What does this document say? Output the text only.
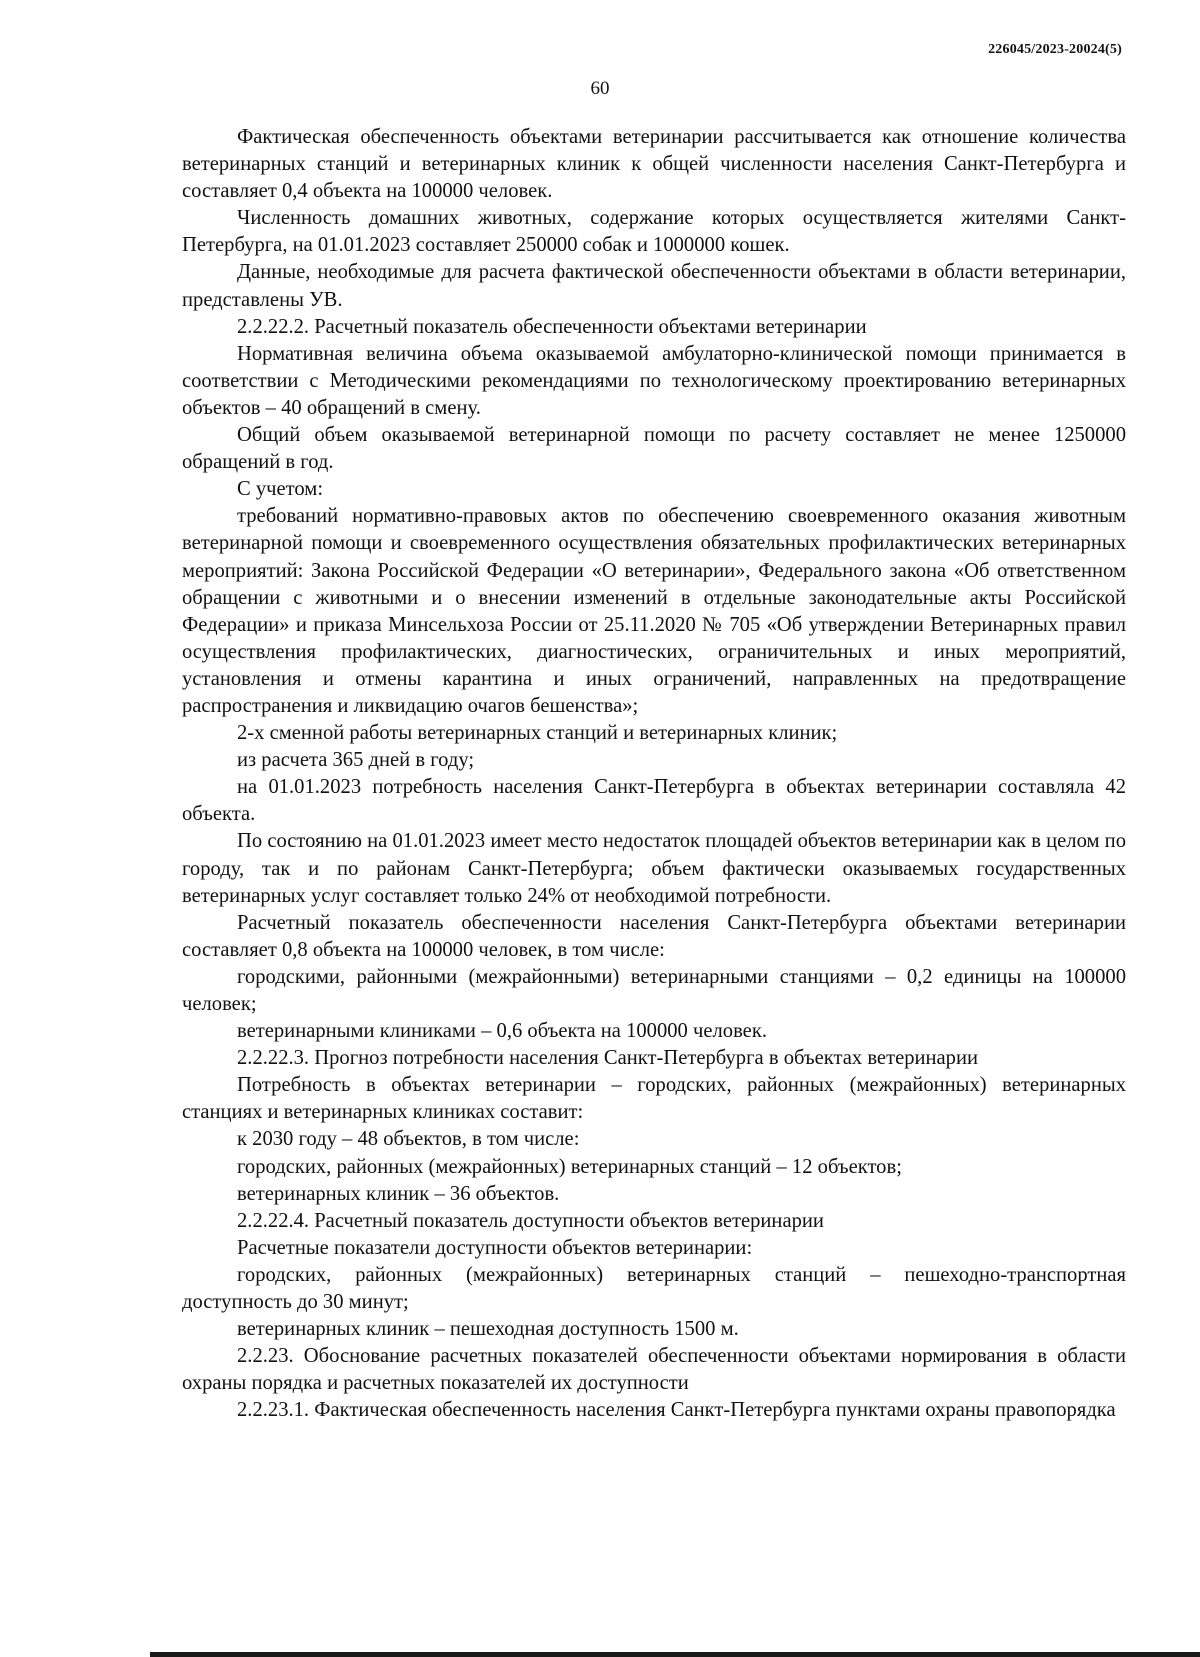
226045/2023-20024(5)
60

Фактическая обеспеченность объектами ветеринарии рассчитывается как отношение количества ветеринарных станций и ветеринарных клиник к общей численности населения Санкт-Петербурга и составляет 0,4 объекта на 100000 человек.

Численность домашних животных, содержание которых осуществляется жителями Санкт-Петербурга, на 01.01.2023 составляет 250000 собак и 1000000 кошек.

Данные, необходимые для расчета фактической обеспеченности объектами в области ветеринарии, представлены УВ.

2.2.22.2. Расчетный показатель обеспеченности объектами ветеринарии

Нормативная величина объема оказываемой амбулаторно-клинической помощи принимается в соответствии с Методическими рекомендациями по технологическому проектированию ветеринарных объектов – 40 обращений в смену.

Общий объем оказываемой ветеринарной помощи по расчету составляет не менее 1250000 обращений в год.

С учетом:

требований нормативно-правовых актов по обеспечению своевременного оказания животным ветеринарной помощи и своевременного осуществления обязательных профилактических ветеринарных мероприятий: Закона Российской Федерации «О ветеринарии», Федерального закона «Об ответственном обращении с животными и о внесении изменений в отдельные законодательные акты Российской Федерации» и приказа Минсельхоза России от 25.11.2020 № 705 «Об утверждении Ветеринарных правил осуществления профилактических, диагностических, ограничительных и иных мероприятий, установления и отмены карантина и иных ограничений, направленных на предотвращение распространения и ликвидацию очагов бешенства»;

2-х сменной работы ветеринарных станций и ветеринарных клиник;

из расчета 365 дней в году;

на 01.01.2023 потребность населения Санкт-Петербурга в объектах ветеринарии составляла 42 объекта.

По состоянию на 01.01.2023 имеет место недостаток площадей объектов ветеринарии как в целом по городу, так и по районам Санкт-Петербурга; объем фактически оказываемых государственных ветеринарных услуг составляет только 24% от необходимой потребности.

Расчетный показатель обеспеченности населения Санкт-Петербурга объектами ветеринарии составляет 0,8 объекта на 100000 человек, в том числе:

городскими, районными (межрайонными) ветеринарными станциями – 0,2 единицы на 100000 человек;

ветеринарными клиниками – 0,6 объекта на 100000 человек.

2.2.22.3. Прогноз потребности населения Санкт-Петербурга в объектах ветеринарии

Потребность в объектах ветеринарии – городских, районных (межрайонных) ветеринарных станциях и ветеринарных клиниках составит:

к 2030 году – 48 объектов, в том числе:

городских, районных (межрайонных) ветеринарных станций – 12 объектов;

ветеринарных клиник – 36 объектов.

2.2.22.4. Расчетный показатель доступности объектов ветеринарии

Расчетные показатели доступности объектов ветеринарии:

городских, районных (межрайонных) ветеринарных станций – пешеходно-транспортная доступность до 30 минут;

ветеринарных клиник – пешеходная доступность 1500 м.

2.2.23. Обоснование расчетных показателей обеспеченности объектами нормирования в области охраны порядка и расчетных показателей их доступности

2.2.23.1. Фактическая обеспеченность населения Санкт-Петербурга пунктами охраны правопорядка
